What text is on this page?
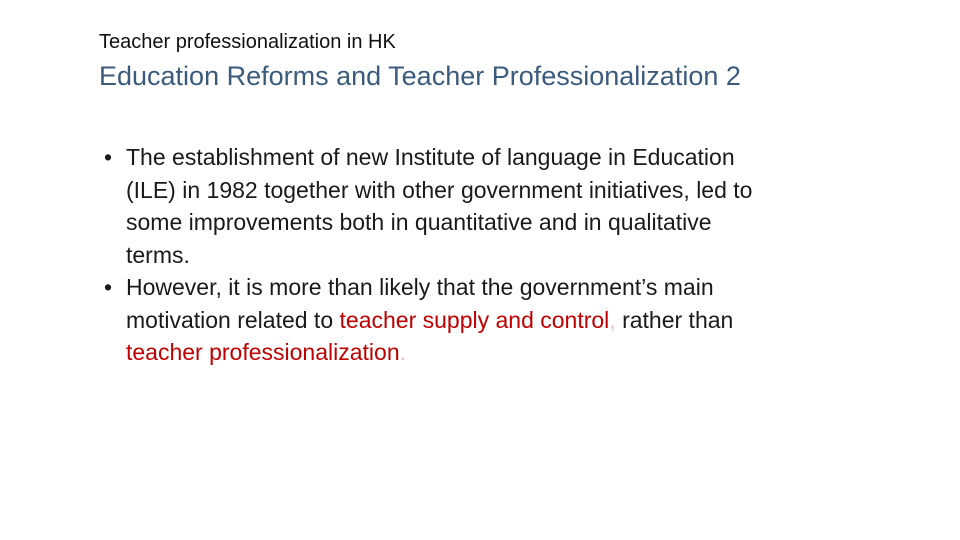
Teacher professionalization in HK
Education Reforms and Teacher Professionalization 2
• The establishment of new Institute of language in Education
(ILE) in 1982 together with other government initiatives, led to
some improvements both in quantitative and in qualitative
terms.
• However, it is more than likely that the government’s main
motivation related to teacher supply and control, rather than
teacher professionalization.
